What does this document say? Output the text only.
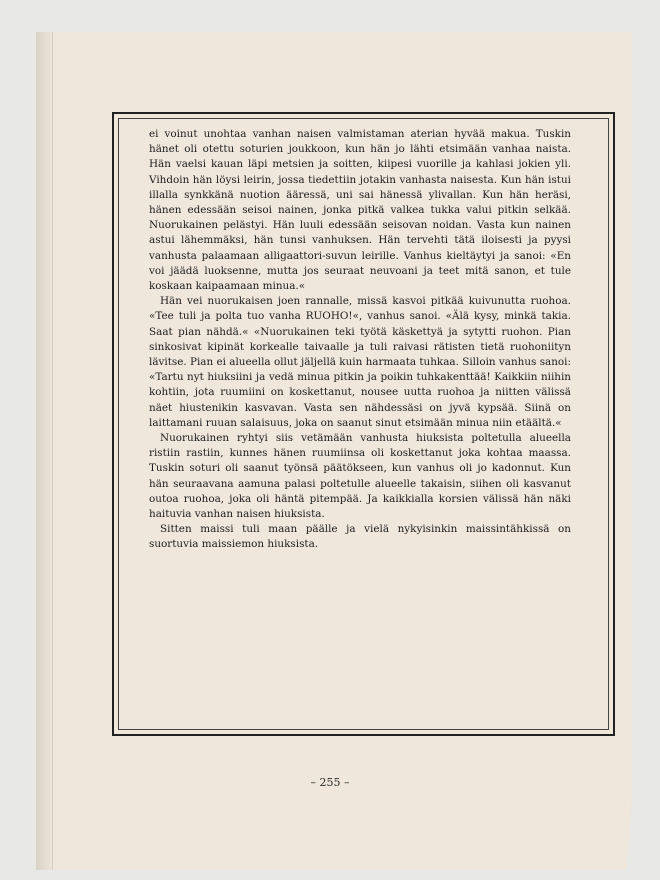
ei voinut unohtaa vanhan naisen valmistaman aterian hyvää makua. Tuskin hänet oli otettu soturien joukkoon, kun hän jo lähti etsimään vanhaa naista. Hän vaelsi kauan läpi metsien ja soitten, kiipesi vuorille ja kahlasi jokien yli. Vihdoin hän löysi leirin, jossa tiedettiin jotakin vanhasta naisesta. Kun hän istui illalla synkkänä nuotion ääressä, uni sai hänessä ylivallan. Kun hän heräsi, hänen edessään seisoi nainen, jonka pitkä valkea tukka valui pitkin selkää. Nuorukainen pelästyi. Hän luuli edessään seisovan noidan. Vasta kun nainen astui lähemmäksi, hän tunsi vanhuksen. Hän tervehti tätä iloisesti ja pyysi vanhusta palaamaan alligaattori-suvun leirille. Vanhus kieltäytyi ja sanoi: «En voi jäädä luoksenne, mutta jos seuraat neuvoani ja teet mitä sanon, et tule koskaan kaipaamaan minua.«

Hän vei nuorukaisen joen rannalle, missä kasvoi pitkää kuivunutta ruohoa. «Tee tuli ja polta tuo vanha RUOHO!«, vanhus sanoi. «Älä kysy, minkä takia. Saat pian nähdä.« «Nuorukainen teki työtä käskettyä ja sytytti ruohon. Pian sinkosivat kipinät korkealle taivaalle ja tuli raivasi rätisten tietä ruohoniityn lävitse. Pian ei alueella ollut jäljellä kuin harmaata tuhkaa. Silloin vanhus sanoi: «Tartu nyt hiuksiini ja vedä minua pitkin ja poikin tuhkakenttää! Kaikkiin niihin kohtiin, jota ruumiini on koskettanut, nousee uutta ruohoa ja niitten välissä näet hiustenikin kasvavan. Vasta sen nähdessäsi on jyvä kypsää. Siinä on laittamani ruuan salaisuus, joka on saanut sinut etsimään minua niin etäältä.«

Nuorukainen ryhtyi siis vetämään vanhusta hiuksista poltetulla alueella ristiin rastiin, kunnes hänen ruumiinsa oli koskettanut joka kohtaa maassa. Tuskin soturi oli saanut työnsä päätökseen, kun vanhus oli jo kadonnut. Kun hän seuraavana aamuna palasi poltetulle alueelle takaisin, siihen oli kasvanut outoa ruohoa, joka oli häntä pitempää. Ja kaikkialla korsien välissä hän näki haituvia vanhan naisen hiuksista.

Sitten maissi tuli maan päälle ja vielä nykyisinkin maissintähkissä on suortuvia maissiemon hiuksista.

– 255 –
